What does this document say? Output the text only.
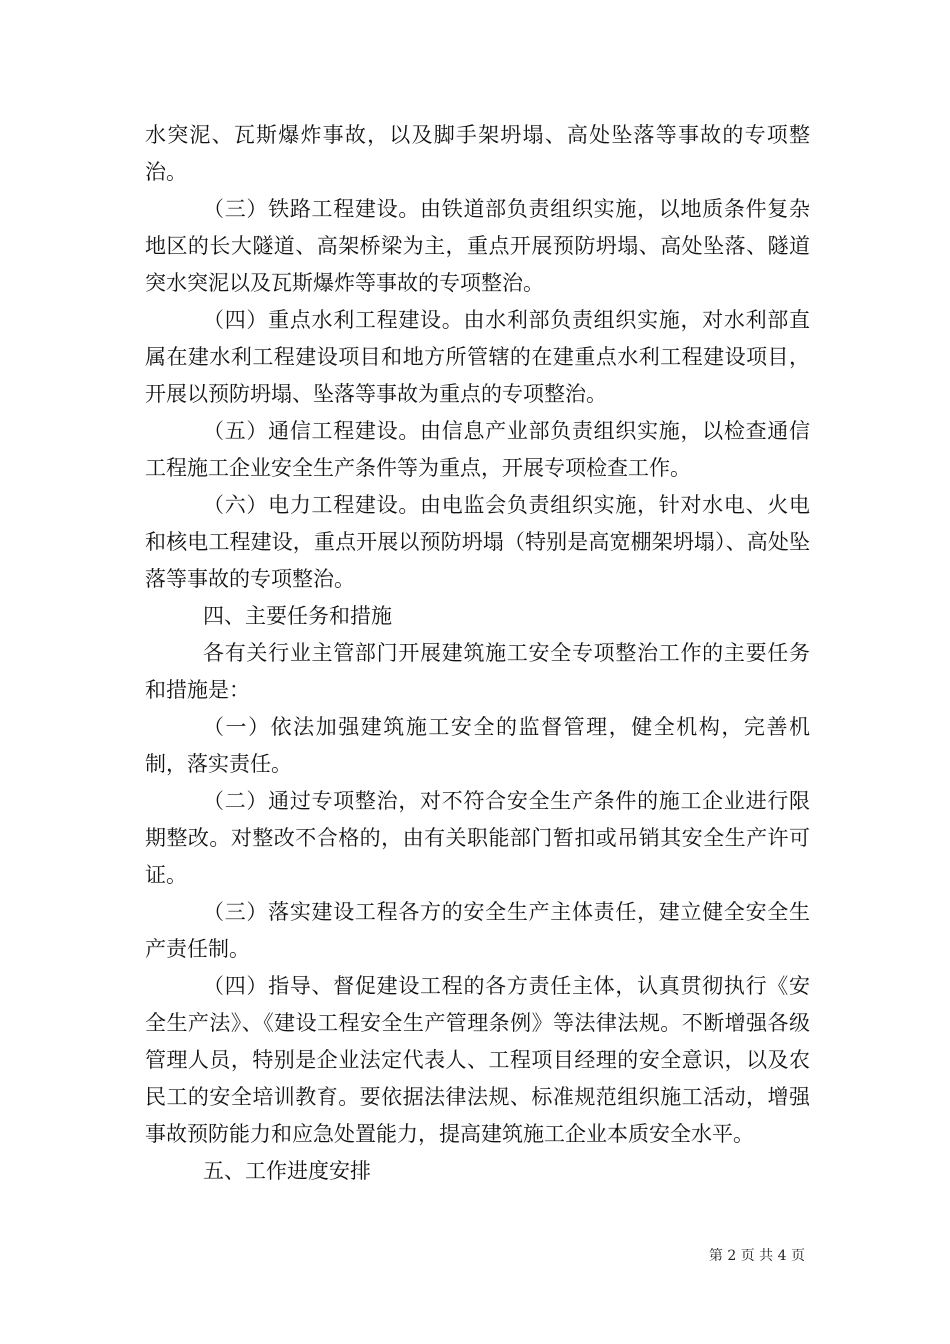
水突泥、瓦斯爆炸事故，以及脚手架坍塌、高处坠落等事故的专项整治。

（三）铁路工程建设。由铁道部负责组织实施，以地质条件复杂地区的长大隧道、高架桥梁为主，重点开展预防坍塌、高处坠落、隧道突水突泥以及瓦斯爆炸等事故的专项整治。

（四）重点水利工程建设。由水利部负责组织实施，对水利部直属在建水利工程建设项目和地方所管辖的在建重点水利工程建设项目，开展以预防坍塌、坠落等事故为重点的专项整治。

（五）通信工程建设。由信息产业部负责组织实施，以检查通信工程施工企业安全生产条件等为重点，开展专项检查工作。

（六）电力工程建设。由电监会负责组织实施，针对水电、火电和核电工程建设，重点开展以预防坍塌（特别是高宽棚架坍塌）、高处坠落等事故的专项整治。

四、主要任务和措施

各有关行业主管部门开展建筑施工安全专项整治工作的主要任务和措施是：

（一）依法加强建筑施工安全的监督管理，健全机构，完善机制，落实责任。

（二）通过专项整治，对不符合安全生产条件的施工企业进行限期整改。对整改不合格的，由有关职能部门暂扣或吊销其安全生产许可证。

（三）落实建设工程各方的安全生产主体责任，建立健全安全生产责任制。

（四）指导、督促建设工程的各方责任主体，认真贯彻执行《安全生产法》、《建设工程安全生产管理条例》等法律法规。不断增强各级管理人员，特别是企业法定代表人、工程项目经理的安全意识，以及农民工的安全培训教育。要依据法律法规、标准规范组织施工活动，增强事故预防能力和应急处置能力，提高建筑施工企业本质安全水平。

五、工作进度安排

第 2 页 共 4 页
